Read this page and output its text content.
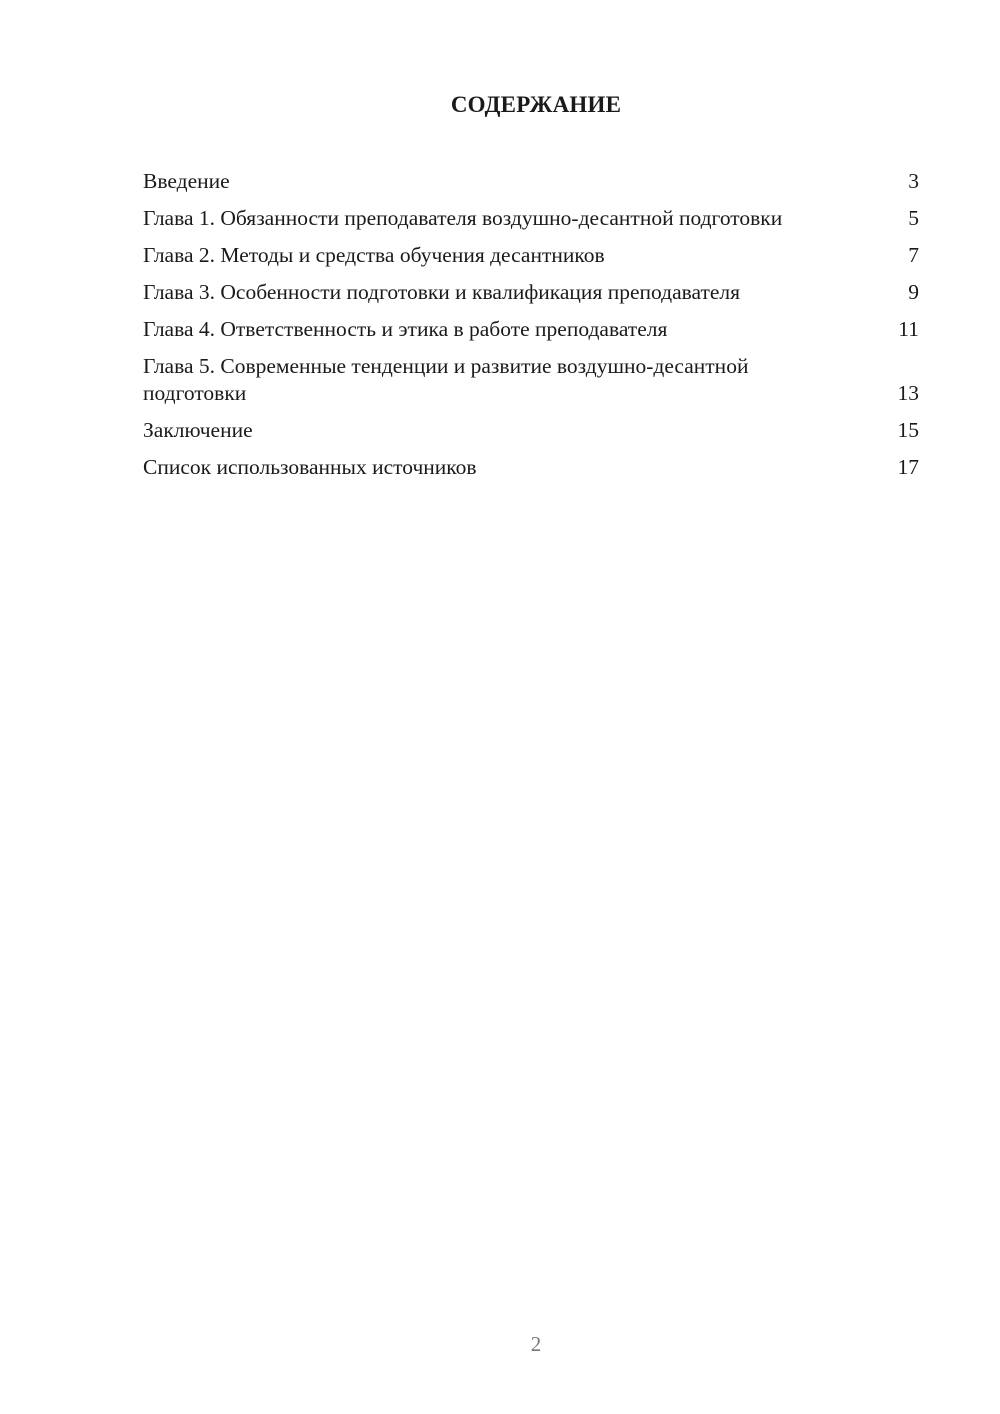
СОДЕРЖАНИЕ
Введение	3
Глава 1. Обязанности преподавателя воздушно-десантной подготовки	5
Глава 2. Методы и средства обучения десантников	7
Глава 3. Особенности подготовки и квалификация преподавателя	9
Глава 4. Ответственность и этика в работе преподавателя	11
Глава 5. Современные тенденции и развитие воздушно-десантной подготовки	13
Заключение	15
Список использованных источников	17
2
